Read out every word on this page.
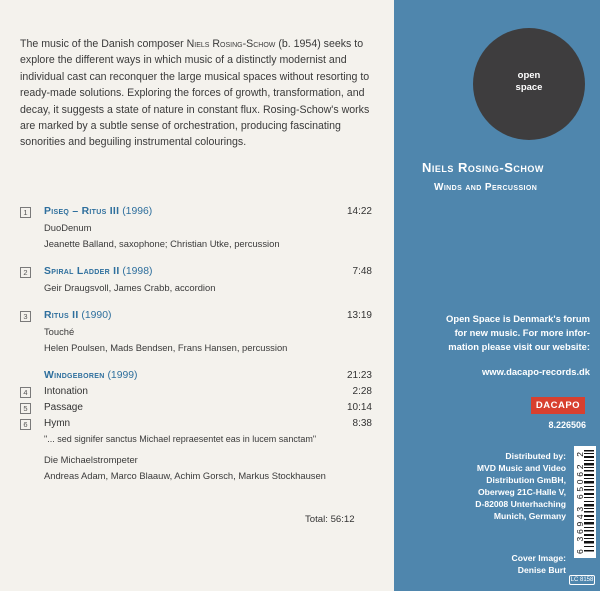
The music of the Danish composer Niels Rosing-Schow (b. 1954) seeks to explore the different ways in which music of a distinctly modernist and individual cast can reconquer the large musical spaces without resorting to ready-made solutions. Exploring the forces of growth, transformation, and decay, it suggests a state of nature in constant flux. Rosing-Schow's works are marked by a subtle sense of orchestration, producing fascinating sonorities and beguiling instrumental colourings.

1	Piseq – Ritus III (1996)	14:22
DuoDenum
Jeanette Balland, saxophone; Christian Utke, percussion
2	Spiral Ladder II (1998)	7:48
Geir Draugsvoll, James Crabb, accordion
3	Ritus II (1990)	13:19
Touché
Helen Poulsen, Mads Bendsen, Frans Hansen, percussion
Windgeboren (1999)	21:23
4	Intonation	2:28
5	Passage	10:14
6	Hymn	8:38
"... sed signifer sanctus Michael repraesentet eas in lucem sanctam"
Die Michaelstrompeter
Andreas Adam, Marco Blaauw, Achim Gorsch, Markus Stockhausen
Total: 56:12
open
space
Niels Rosing-Schow
Winds and Percussion
Open Space is Denmark's forum
for new music. For more infor-
mation please visit our website:
www.dacapo-records.dk
DACAPO
8.226506
Distributed by:
MVD Music and Video
Distribution GmBH,
Oberweg 21C-Halle V,
D-82008 Unterhaching
Munich, Germany
6 36943 65062 2
Cover Image:
Denise Burt
LC 8158
